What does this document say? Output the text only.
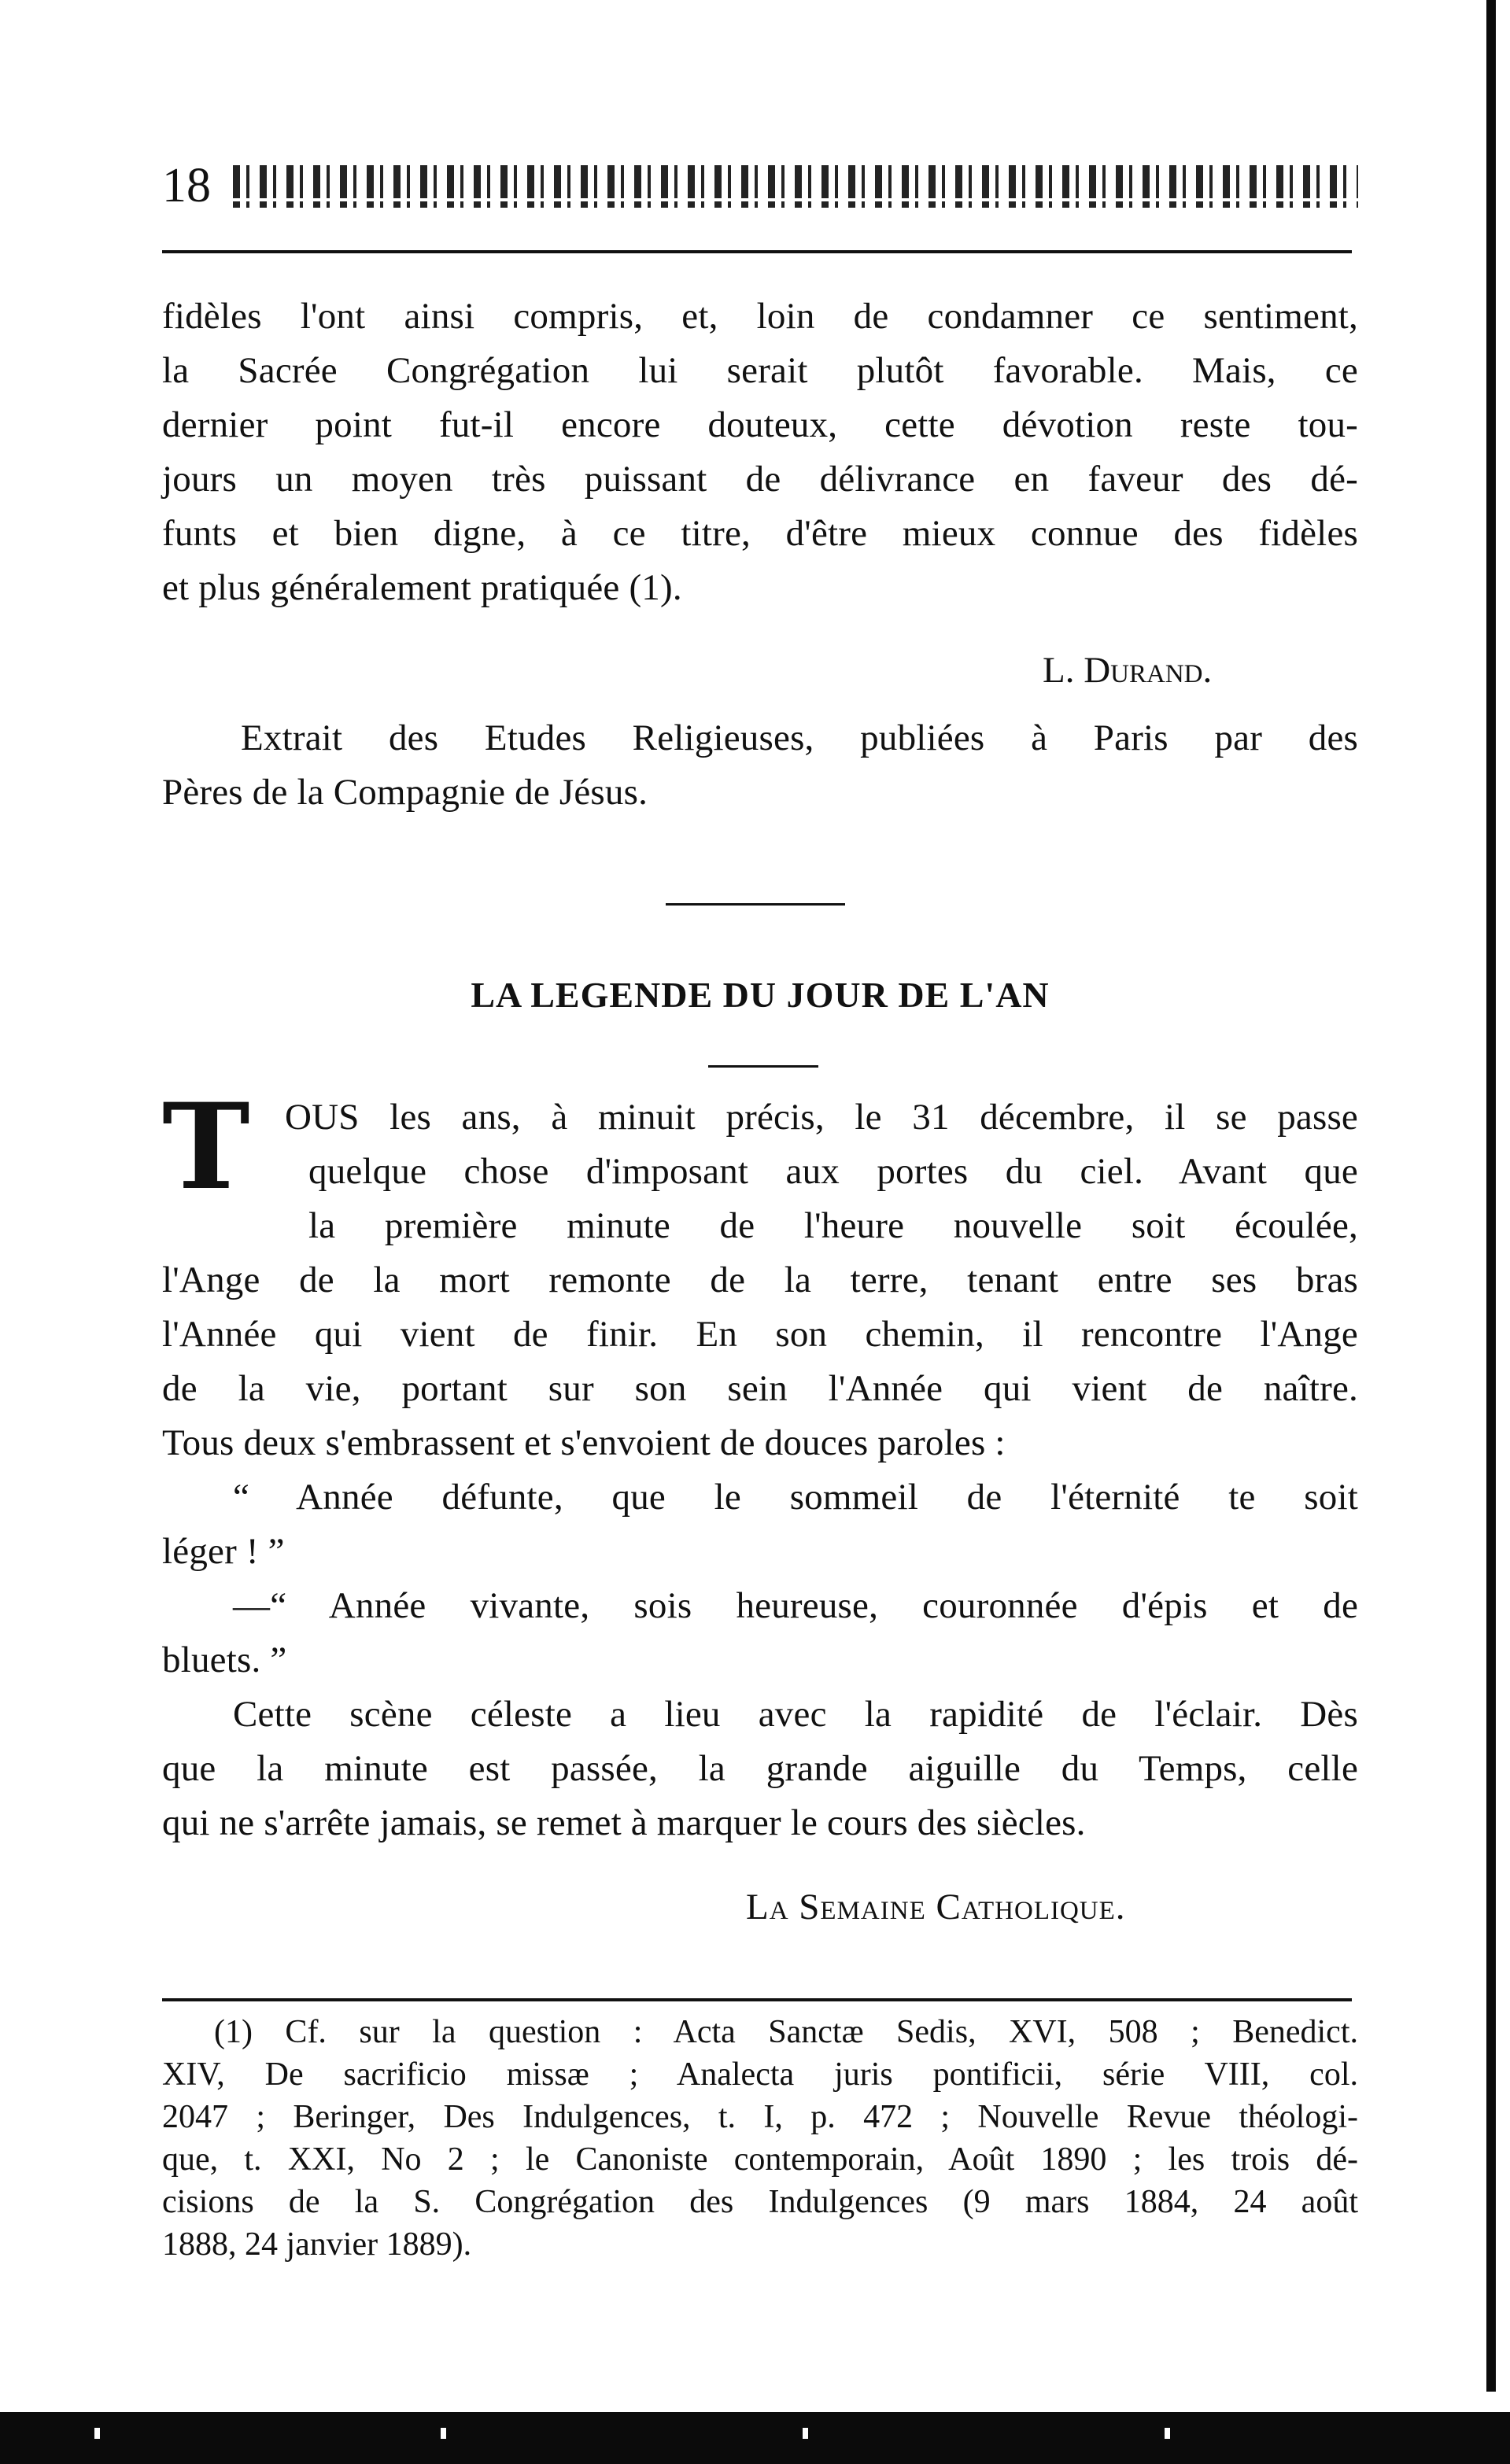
18
fidèles l'ont ainsi compris, et, loin de condamner ce sentiment,
la Sacrée Congrégation lui serait plutôt favorable. Mais, ce
dernier point fut-il encore douteux, cette dévotion reste tou-
jours un moyen très puissant de délivrance en faveur des dé-
funts et bien digne, à ce titre, d'être mieux connue des fidèles
et plus généralement pratiquée (1).
L. Durand.
Extrait des Etudes Religieuses, publiées à Paris par des
Pères de la Compagnie de Jésus.
LA LEGENDE DU JOUR DE L'AN
T OUS les ans, à minuit précis, le 31 décembre, il se passe
quelque chose d'imposant aux portes du ciel. Avant que
la première minute de l'heure nouvelle soit écoulée,
l'Ange de la mort remonte de la terre, tenant entre ses bras
l'Année qui vient de finir. En son chemin, il rencontre l'Ange
de la vie, portant sur son sein l'Année qui vient de naître.
Tous deux s'embrassent et s'envoient de douces paroles :
“ Année défunte, que le sommeil de l'éternité te soit
léger ! ”
—“ Année vivante, sois heureuse, couronnée d'épis et de
bluets. ”
Cette scène céleste a lieu avec la rapidité de l'éclair. Dès
que la minute est passée, la grande aiguille du Temps, celle
qui ne s'arrête jamais, se remet à marquer le cours des siècles.
La Semaine Catholique.
(1) Cf. sur la question : Acta Sanctæ Sedis, XVI, 508 ; Benedict.
XIV, De sacrificio missæ ; Analecta juris pontificii, série VIII, col.
2047 ; Beringer, Des Indulgences, t. I, p. 472 ; Nouvelle Revue théologi-
que, t. XXI, No 2 ; le Canoniste contemporain, Août 1890 ; les trois dé-
cisions de la S. Congrégation des Indulgences (9 mars 1884, 24 août
1888, 24 janvier 1889).
